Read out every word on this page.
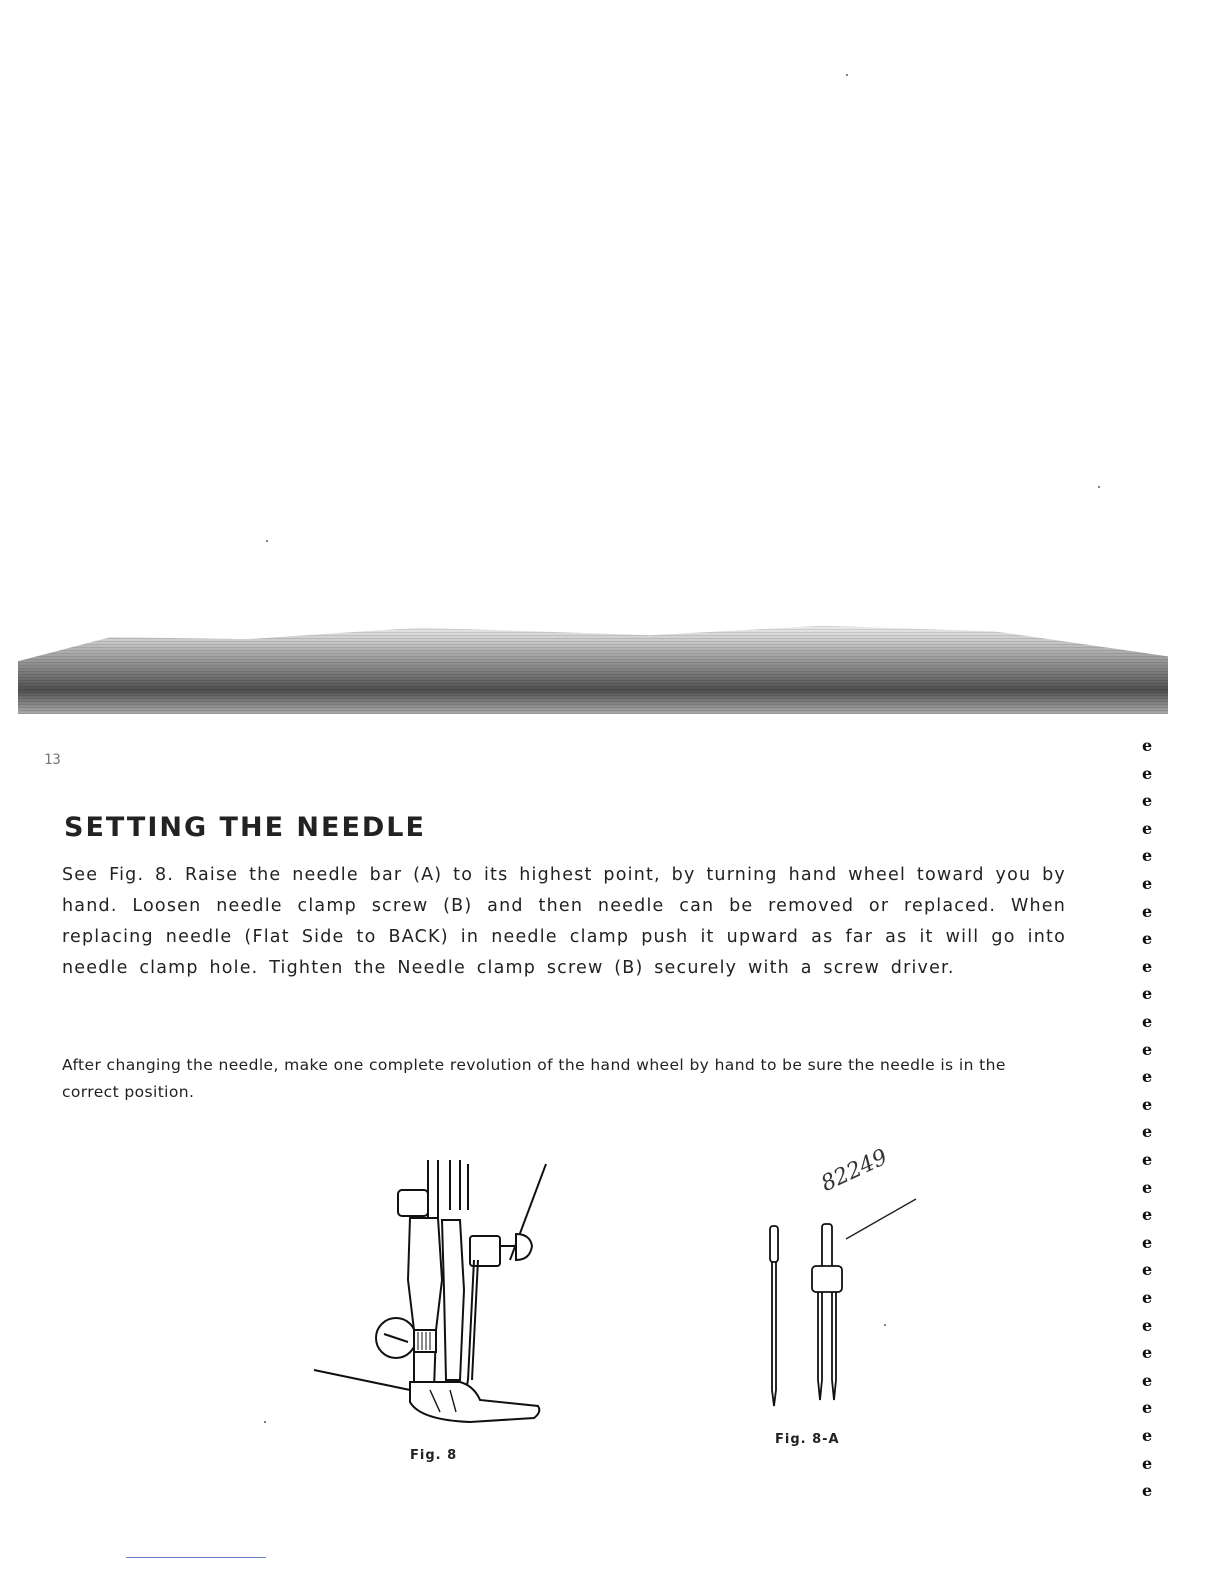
13
SETTING THE NEEDLE

See Fig. 8. Raise the needle bar (A) to its highest point, by turning hand wheel toward you by hand. Loosen needle clamp screw (B) and then needle can be removed or replaced. When replacing needle (Flat Side to BACK) in needle clamp push it upward as far as it will go into needle clamp hole. Tighten the Needle clamp screw (B) securely with a screw driver.

After changing the needle, make one complete revolution of the hand wheel by hand to be sure the needle is in the correct position.

Fig. 8
82249
Fig. 8-A
e
e
e
e
e
e
e
e
e
e
e
e
e
e
e
e
e
e
e
e
e
e
e
e
e
e
e
e
